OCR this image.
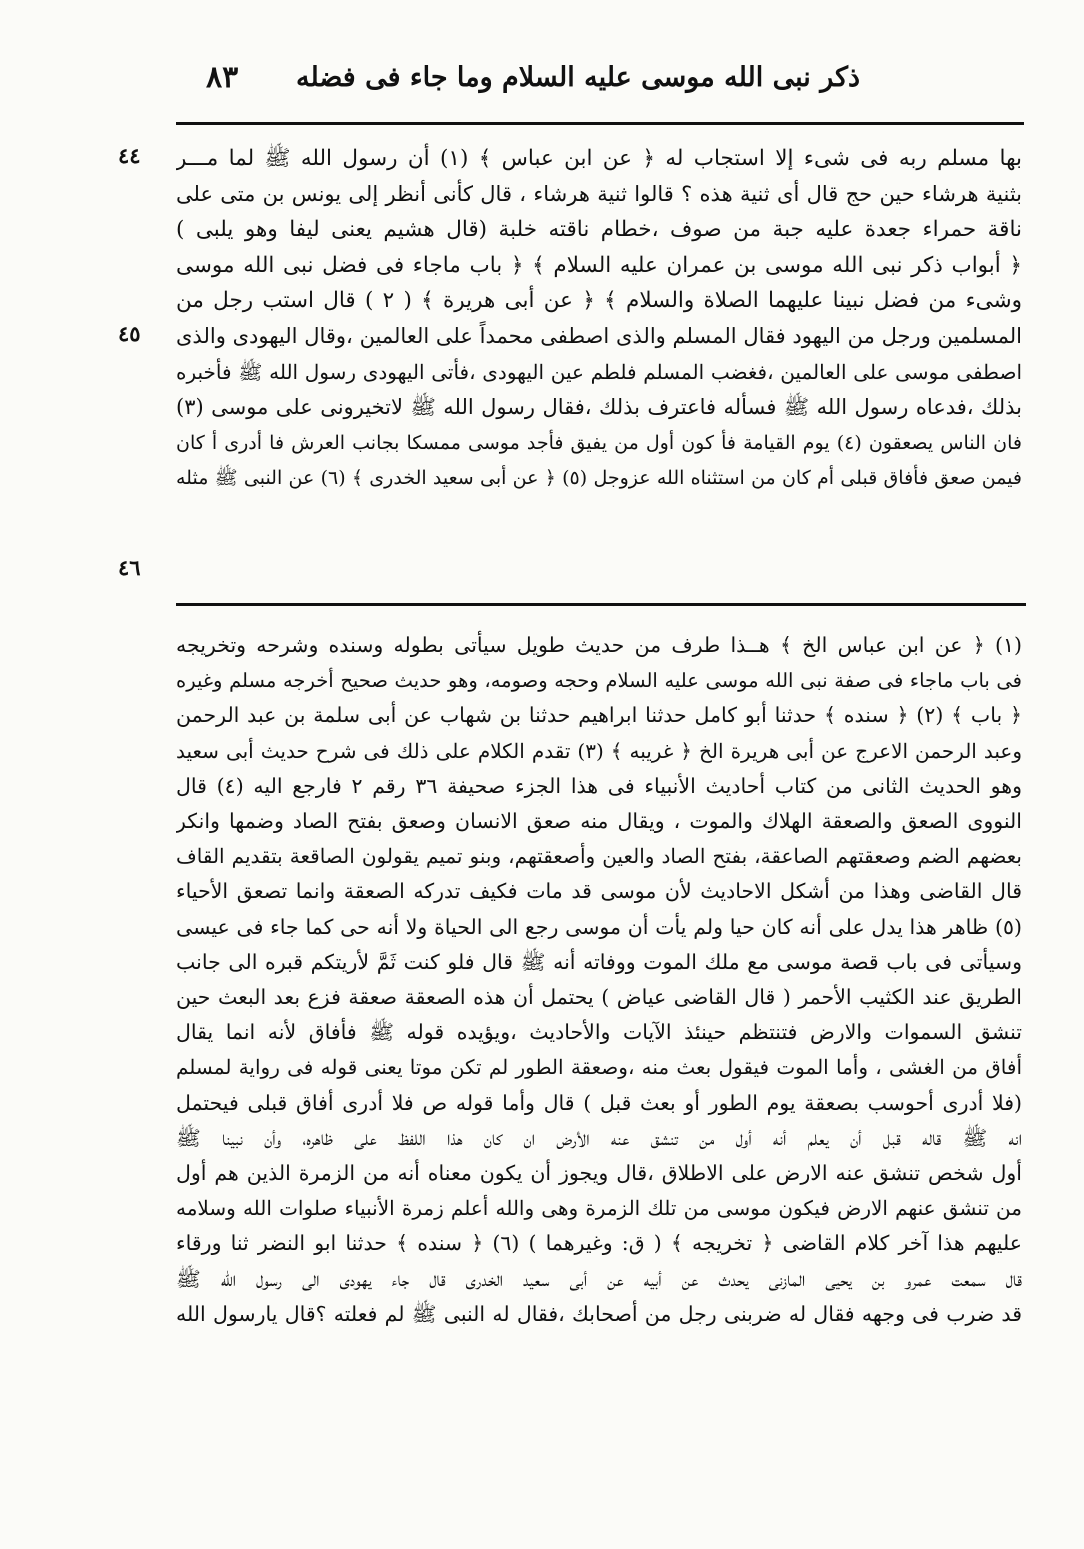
ذكر نبى الله موسى عليه السلام وما جاء فى فضله
٨٣
٤٤
٤٥
٤٦
بها مسلم ربه فى شىء إلا استجاب له ﴿ عن ابن عباس ﴾ (١) أن رسول الله ﷺ لما مـــر
بثنية هرشاء حين حج قال أى ثنية هذه ؟ قالوا ثنية هرشاء ، قال كأنى أنظر إلى يونس بن متى على
ناقة حمراء جعدة عليه جبة من صوف ،خطام ناقته خلبة (قال هشيم يعنى ليفا وهو يلبى )
﴿ أبواب ذكر نبى الله موسى بن عمران عليه السلام ﴾ ﴿ باب ماجاء فى فضل نبى الله موسى
وشىء من فضل نبينا عليهما الصلاة والسلام ﴾ ﴿ عن أبى هريرة ﴾ ( ٢ ) قال استب رجل من
المسلمين ورجل من اليهود فقال المسلم والذى اصطفى محمداً على العالمين ،وقال اليهودى والذى
اصطفى موسى على العالمين ،فغضب المسلم فلطم عين اليهودى ،فأتى اليهودى رسول الله ﷺ فأخبره
بذلك ،فدعاه رسول الله ﷺ فسأله فاعترف بذلك ،فقال رسول الله ﷺ لاتخيرونى على موسى (٣)
فان الناس يصعقون (٤) يوم القيامة فأ كون أول من يفيق فأجد موسى ممسكا بجانب العرش فا أدرى أ كان
فيمن صعق فأفاق قبلى أم كان من استثناه الله عزوجل (٥) ﴿ عن أبى سعيد الخدرى ﴾ (٦) عن النبى ﷺ مثله
(١) ﴿ عن ابن عباس الخ ﴾ هــذا طرف من حديث طويل سيأتى بطوله وسنده وشرحه وتخريجه
فى باب ماجاء فى صفة نبى الله موسى عليه السلام وحجه وصومه، وهو حديث صحيح أخرجه مسلم وغيره
﴿ باب ﴾ (٢) ﴿ سنده ﴾ حدثنا أبو كامل حدثنا ابراهيم حدثنا بن شهاب عن أبى سلمة بن عبد الرحمن
وعبد الرحمن الاعرج عن أبى هريرة الخ ﴿ غريبه ﴾ (٣) تقدم الكلام على ذلك فى شرح حديث أبى سعيد
وهو الحديث الثانى من كتاب أحاديث الأنبياء فى هذا الجزء صحيفة ٣٦ رقم ٢ فارجع اليه (٤) قال
النووى الصعق والصعقة الهلاك والموت ، ويقال منه صعق الانسان وصعق بفتح الصاد وضمها وانكر
بعضهم الضم وصعقتهم الصاعقة، بفتح الصاد والعين وأصعقتهم، وبنو تميم يقولون الصاقعة بتقديم القاف
قال القاضى وهذا من أشكل الاحاديث لأن موسى قد مات فكيف تدركه الصعقة وانما تصعق الأحياء
(٥) ظاهر هذا يدل على أنه كان حيا ولم يأت أن موسى رجع الى الحياة ولا أنه حى كما جاء فى عيسى
وسيأتى فى باب قصة موسى مع ملك الموت ووفاته أنه ﷺ قال فلو كنت ثَمَّ لأريتكم قبره الى جانب
الطريق عند الكثيب الأحمر ( قال القاضى عياض ) يحتمل أن هذه الصعقة صعقة فزع بعد البعث حين
تنشق السموات والارض فتنتظم حينئذ الآيات والأحاديث ،ويؤيده قوله ﷺ فأفاق لأنه انما يقال
أفاق من الغشى ، وأما الموت فيقول بعث منه ،وصعقة الطور لم تكن موتا يعنى قوله فى رواية لمسلم
(فلا أدرى أحوسب بصعقة يوم الطور أو بعث قبل ) قال وأما قوله ص فلا أدرى أفاق قبلى فيحتمل
انه ﷺ قاله قبل أن يعلم أنه أول من تنشق عنه الأرض ان كان هذا اللفظ على ظاهره، وأن نبينا ﷺ
أول شخص تنشق عنه الارض على الاطلاق ،قال ويجوز أن يكون معناه أنه من الزمرة الذين هم أول
من تنشق عنهم الارض فيكون موسى من تلك الزمرة وهى والله أعلم زمرة الأنبياء صلوات الله وسلامه
عليهم هذا آخر كلام القاضى ﴿ تخريجه ﴾ ( ق: وغيرهما ) (٦) ﴿ سنده ﴾ حدثنا ابو النضر ثنا ورقاء
قال سمعت عمرو بن يحيى المازنى يحدث عن أبيه عن أبى سعيد الخدرى قال جاء يهودى الى رسول الله ﷺ
قد ضرب فى وجهه فقال له ضربنى رجل من أصحابك ،فقال له النبى ﷺ لم فعلته ؟قال يارسول الله
